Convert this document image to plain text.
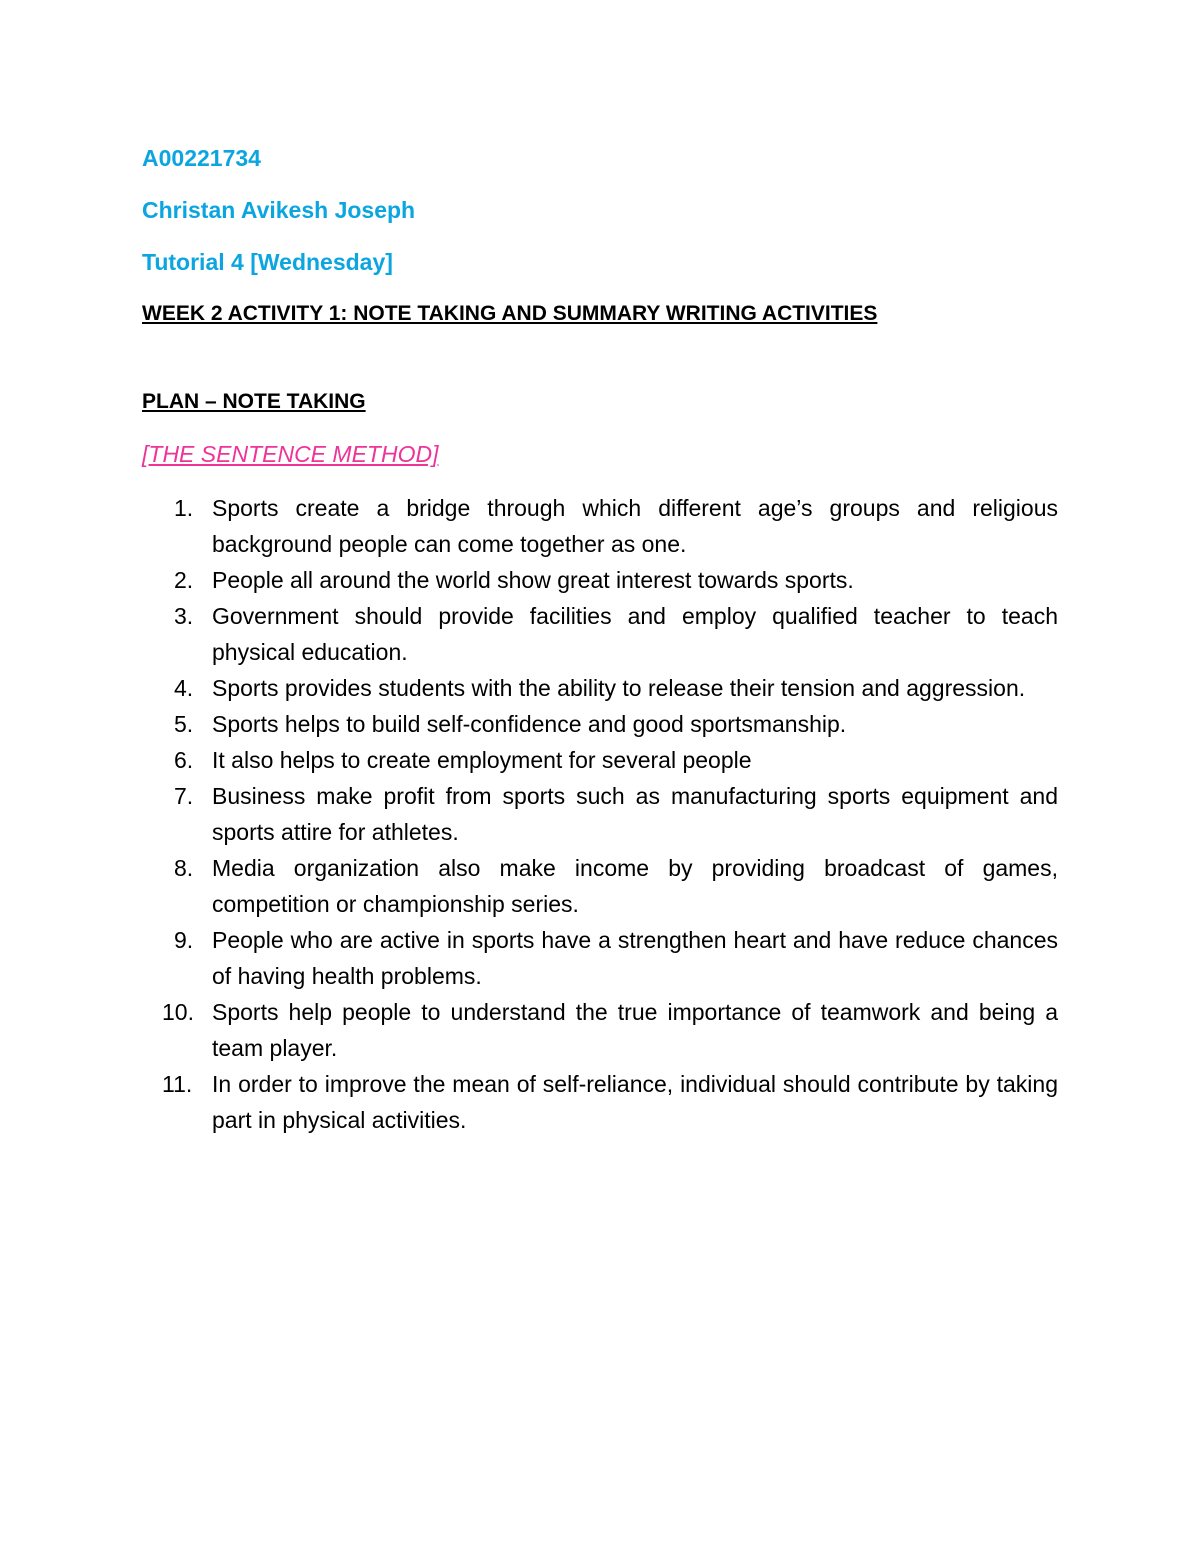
A00221734

Christan Avikesh Joseph

Tutorial 4 [Wednesday]

WEEK 2 ACTIVITY 1: NOTE TAKING AND SUMMARY WRITING ACTIVITIES

PLAN – NOTE TAKING

[THE SENTENCE METHOD]

1. Sports create a bridge through which different age’s groups and religious background people can come together as one.
2. People all around the world show great interest towards sports.
3. Government should provide facilities and employ qualified teacher to teach physical education.
4. Sports provides students with the ability to release their tension and aggression.
5. Sports helps to build self-confidence and good sportsmanship.
6. It also helps to create employment for several people
7. Business make profit from sports such as manufacturing sports equipment and sports attire for athletes.
8. Media organization also make income by providing broadcast of games, competition or championship series.
9. People who are active in sports have a strengthen heart and have reduce chances of having health problems.
10. Sports help people to understand the true importance of teamwork and being a team player.
11. In order to improve the mean of self-reliance, individual should contribute by taking part in physical activities.
